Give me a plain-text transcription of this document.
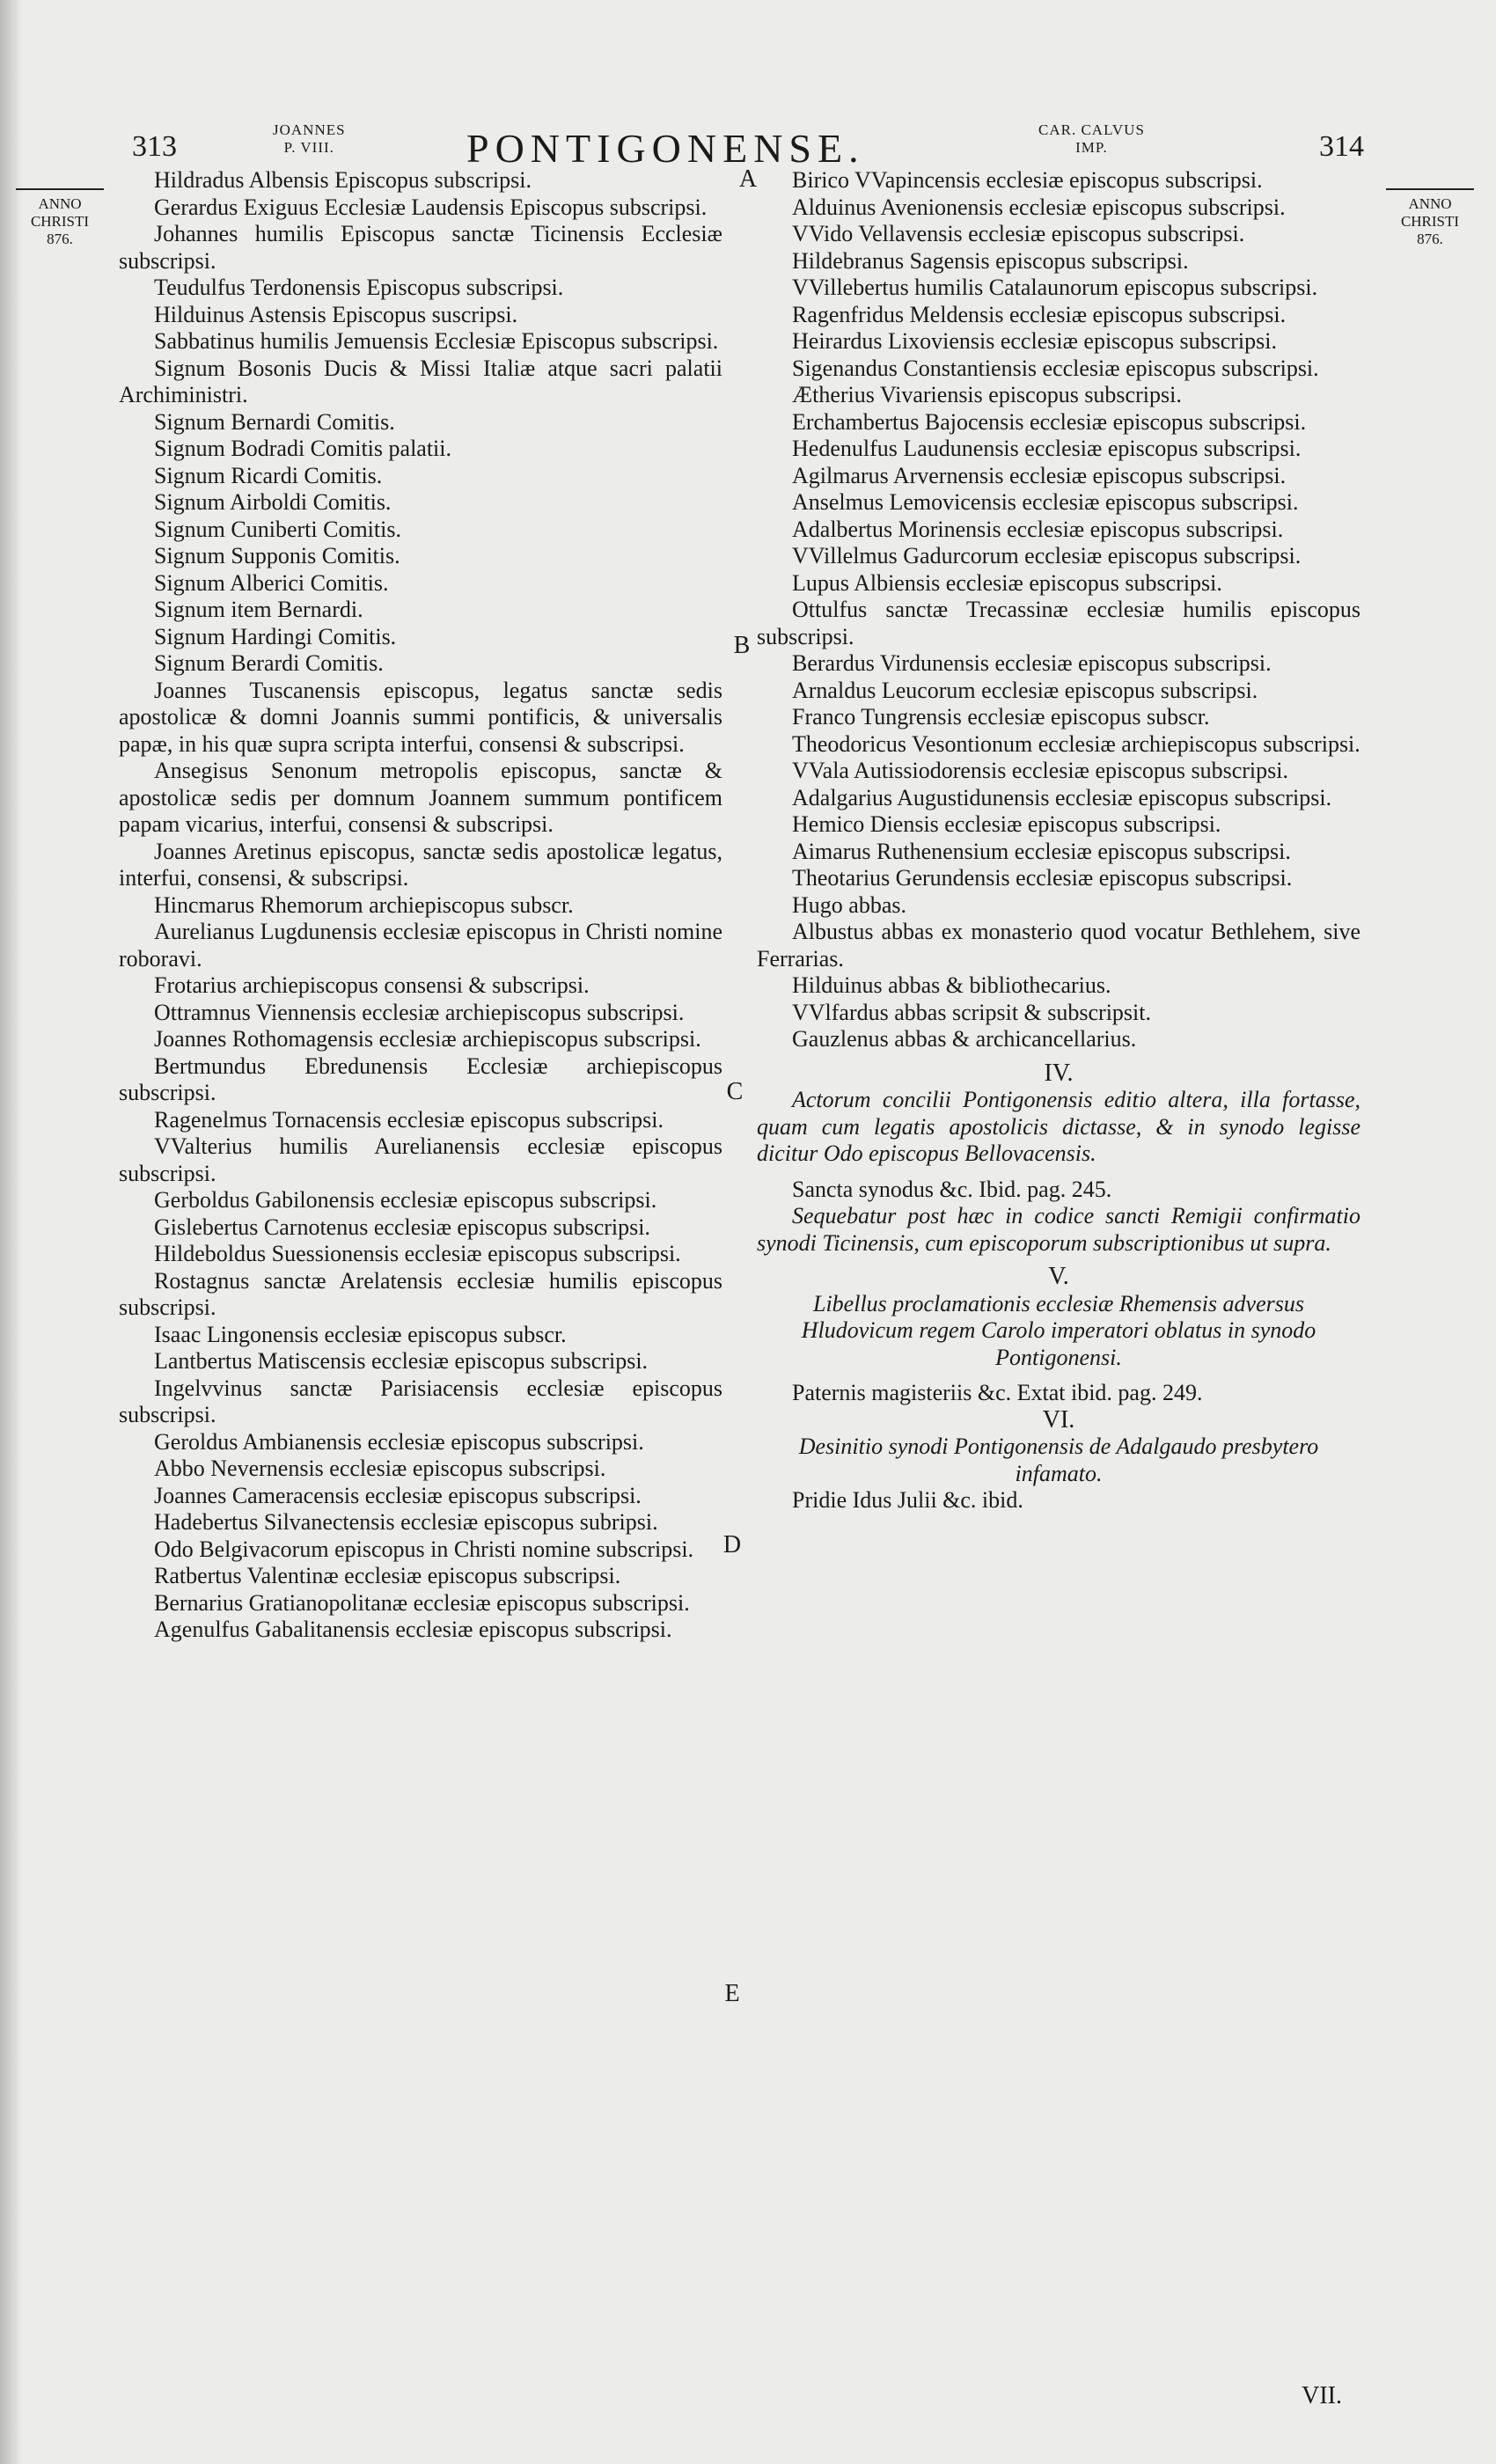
313
JOANNES
P. VIII.	PONTIGONENSE.	CAR. CALVUS
IMP.	314
ANNO
CHRISTI
876.
ANNO
CHRISTI
876.
A
B
C
D
E

Hildradus Albensis Episcopus subscripsi.

Gerardus Exiguus Ecclesiæ Laudensis Episcopus subscripsi.

Johannes humilis Episcopus sanctæ Ticinensis Ecclesiæ subscripsi.

Teudulfus Terdonensis Episcopus subscripsi.

Hilduinus Astensis Episcopus suscripsi.

Sabbatinus humilis Jemuensis Ecclesiæ Episcopus subscripsi.

Signum Bosonis Ducis & Missi Italiæ atque sacri palatii Archiministri.

Signum Bernardi Comitis.

Signum Bodradi Comitis palatii.

Signum Ricardi Comitis.

Signum Airboldi Comitis.

Signum Cuniberti Comitis.

Signum Supponis Comitis.

Signum Alberici Comitis.

Signum item Bernardi.

Signum Hardingi Comitis.

Signum Berardi Comitis.

Joannes Tuscanensis episcopus, legatus sanctæ sedis apostolicæ & domni Joannis summi pontificis, & universalis papæ, in his quæ supra scripta interfui, consensi & subscripsi.

Ansegisus Senonum metropolis episcopus, sanctæ & apostolicæ sedis per domnum Joannem summum pontificem papam vicarius, interfui, consensi & subscripsi.

Joannes Aretinus episcopus, sanctæ sedis apostolicæ legatus, interfui, consensi, & subscripsi.

Hincmarus Rhemorum archiepiscopus subscr.

Aurelianus Lugdunensis ecclesiæ episcopus in Christi nomine roboravi.

Frotarius archiepiscopus consensi & subscripsi.

Ottramnus Viennensis ecclesiæ archiepiscopus subscripsi.

Joannes Rothomagensis ecclesiæ archiepiscopus subscripsi.

Bertmundus Ebredunensis Ecclesiæ archiepiscopus subscripsi.

Ragenelmus Tornacensis ecclesiæ episcopus subscripsi.

VValterius humilis Aurelianensis ecclesiæ episcopus subscripsi.

Gerboldus Gabilonensis ecclesiæ episcopus subscripsi.

Gislebertus Carnotenus ecclesiæ episcopus subscripsi.

Hildeboldus Suessionensis ecclesiæ episcopus subscripsi.

Rostagnus sanctæ Arelatensis ecclesiæ humilis episcopus subscripsi.

Isaac Lingonensis ecclesiæ episcopus subscr.

Lantbertus Matiscensis ecclesiæ episcopus subscripsi.

Ingelvvinus sanctæ Parisiacensis ecclesiæ episcopus subscripsi.

Geroldus Ambianensis ecclesiæ episcopus subscripsi.

Abbo Nevernensis ecclesiæ episcopus subscripsi.

Joannes Cameracensis ecclesiæ episcopus subscripsi.

Hadebertus Silvanectensis ecclesiæ episcopus subripsi.

Odo Belgivacorum episcopus in Christi nomine subscripsi.

Ratbertus Valentinæ ecclesiæ episcopus subscripsi.

Bernarius Gratianopolitanæ ecclesiæ episcopus subscripsi.

Agenulfus Gabalitanensis ecclesiæ episcopus subscripsi.

Birico VVapincensis ecclesiæ episcopus subscripsi.

Alduinus Avenionensis ecclesiæ episcopus subscripsi.

VVido Vellavensis ecclesiæ episcopus subscripsi.

Hildebranus Sagensis episcopus subscripsi.

VVillebertus humilis Catalaunorum episcopus subscripsi.

Ragenfridus Meldensis ecclesiæ episcopus subscripsi.

Heirardus Lixoviensis ecclesiæ episcopus subscripsi.

Sigenandus Constantiensis ecclesiæ episcopus subscripsi.

Ætherius Vivariensis episcopus subscripsi.

Erchambertus Bajocensis ecclesiæ episcopus subscripsi.

Hedenulfus Laudunensis ecclesiæ episcopus subscripsi.

Agilmarus Arvernensis ecclesiæ episcopus subscripsi.

Anselmus Lemovicensis ecclesiæ episcopus subscripsi.

Adalbertus Morinensis ecclesiæ episcopus subscripsi.

VVillelmus Gadurcorum ecclesiæ episcopus subscripsi.

Lupus Albiensis ecclesiæ episcopus subscripsi.

Ottulfus sanctæ Trecassinæ ecclesiæ humilis episcopus subscripsi.

Berardus Virdunensis ecclesiæ episcopus subscripsi.

Arnaldus Leucorum ecclesiæ episcopus subscripsi.

Franco Tungrensis ecclesiæ episcopus subscr.

Theodoricus Vesontionum ecclesiæ archiepiscopus subscripsi.

VVala Autissiodorensis ecclesiæ episcopus subscripsi.

Adalgarius Augustidunensis ecclesiæ episcopus subscripsi.

Hemico Diensis ecclesiæ episcopus subscripsi.

Aimarus Ruthenensium ecclesiæ episcopus subscripsi.

Theotarius Gerundensis ecclesiæ episcopus subscripsi.

Hugo abbas.

Albustus abbas ex monasterio quod vocatur Bethlehem, sive Ferrarias.

Hilduinus abbas & bibliothecarius.

VVlfardus abbas scripsit & subscripsit.

Gauzlenus abbas & archicancellarius.

IV.

Actorum concilii Pontigonensis editio altera, illa fortasse, quam cum legatis apostolicis dictasse, & in synodo legisse dicitur Odo episcopus Bellovacensis.

Sancta synodus &c. Ibid. pag. 245.

Sequebatur post hæc in codice sancti Remigii confirmatio synodi Ticinensis, cum episcoporum subscriptionibus ut supra.

V.

Libellus proclamationis ecclesiæ Rhemensis adversus Hludovicum regem Carolo imperatori oblatus in synodo Pontigonensi.

Paternis magisteriis &c. Extat ibid. pag. 249.

VI.

Desinitio synodi Pontigonensis de Adalgaudo presbytero infamato.

Pridie Idus Julii &c. ibid.

VII.
